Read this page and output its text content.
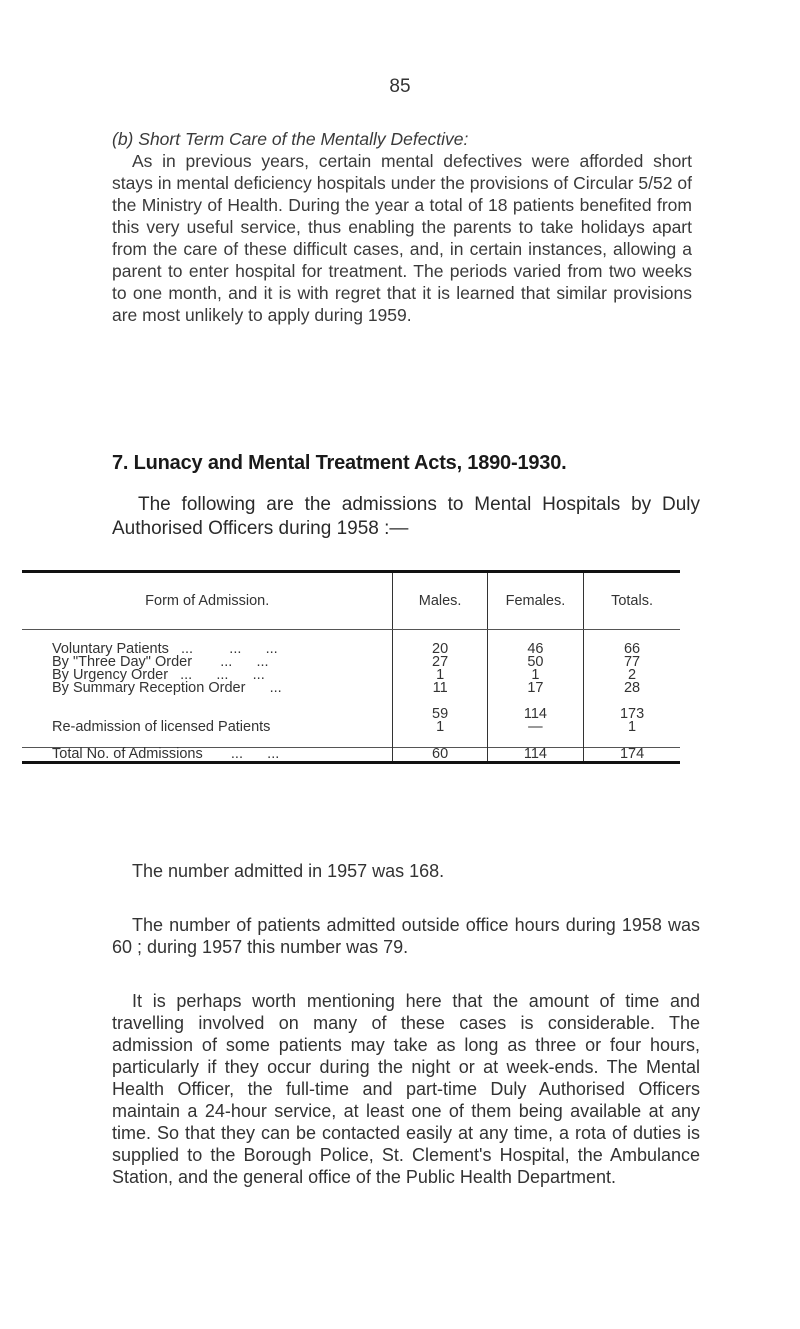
85

(b) Short Term Care of the Mentally Defective:

As in previous years, certain mental defectives were afforded short stays in mental deficiency hospitals under the provisions of Circular 5/52 of the Ministry of Health. During the year a total of 18 patients benefited from this very useful service, thus enabling the parents to take holidays apart from the care of these difficult cases, and, in certain instances, allowing a parent to enter hospital for treatment. The periods varied from two weeks to one month, and it is with regret that it is learned that similar provisions are most unlikely to apply during 1959.

7. Lunacy and Mental Treatment Acts, 1890-1930.

The following are the admissions to Mental Hospitals by Duly Authorised Officers during 1958 :—

Form of Admission.	Males.	Females.	Totals.

Voluntary Patients   ...         ...      ...	20	46	66
By "Three Day" Order       ...      ...	27	50	77
By Urgency Order   ...      ...      ...	1	1	2
By Summary Reception Order      ...	11	17	28

	59	114	173
Re-admission of licensed Patients	1	—	1

Total No. of Admissions       ...      ...	60	114	174

The number admitted in 1957 was 168.

The number of patients admitted outside office hours during 1958 was 60 ; during 1957 this number was 79.

It is perhaps worth mentioning here that the amount of time and travelling involved on many of these cases is considerable. The admission of some patients may take as long as three or four hours, particularly if they occur during the night or at week-ends. The Mental Health Officer, the full-time and part-time Duly Authorised Officers maintain a 24-hour service, at least one of them being available at any time. So that they can be contacted easily at any time, a rota of duties is supplied to the Borough Police, St. Clement's Hospital, the Ambulance Station, and the general office of the Public Health Department.
